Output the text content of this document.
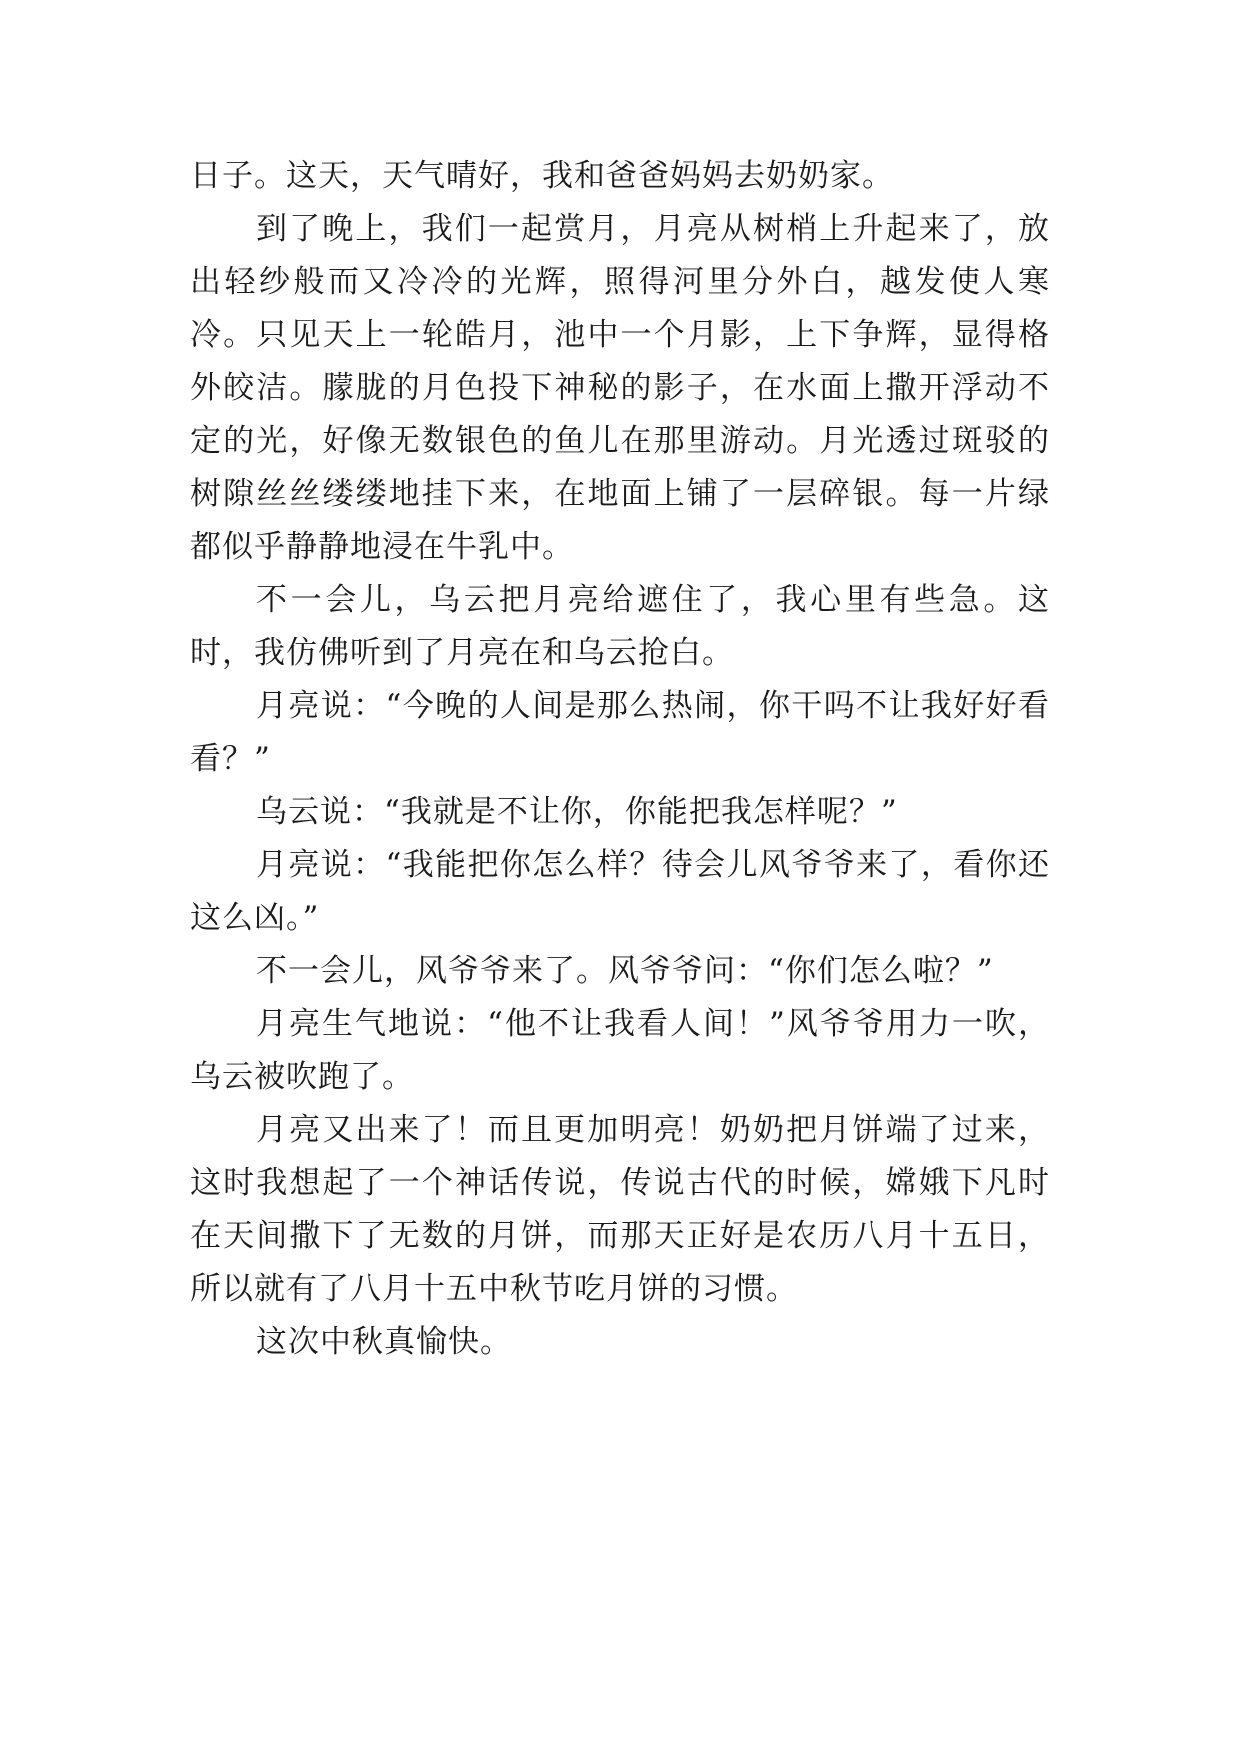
日子。这天，天气晴好，我和爸爸妈妈去奶奶家。

到了晚上，我们一起赏月，月亮从树梢上升起来了，放出轻纱般而又冷冷的光辉，照得河里分外白，越发使人寒冷。只见天上一轮皓月，池中一个月影，上下争辉，显得格外皎洁。朦胧的月色投下神秘的影子，在水面上撒开浮动不定的光，好像无数银色的鱼儿在那里游动。月光透过斑驳的树隙丝丝缕缕地挂下来，在地面上铺了一层碎银。每一片绿都似乎静静地浸在牛乳中。

不一会儿，乌云把月亮给遮住了，我心里有些急。这时，我仿佛听到了月亮在和乌云抢白。

月亮说：“今晚的人间是那么热闹，你干吗不让我好好看看？”

乌云说：“我就是不让你，你能把我怎样呢？”

月亮说：“我能把你怎么样？待会儿风爷爷来了，看你还这么凶。”

不一会儿，风爷爷来了。风爷爷问：“你们怎么啦？”

月亮生气地说：“他不让我看人间！”风爷爷用力一吹，乌云被吹跑了。

月亮又出来了！而且更加明亮！奶奶把月饼端了过来，这时我想起了一个神话传说，传说古代的时候，嫦娥下凡时在天间撒下了无数的月饼，而那天正好是农历八月十五日，所以就有了八月十五中秋节吃月饼的习惯。

这次中秋真愉快。
